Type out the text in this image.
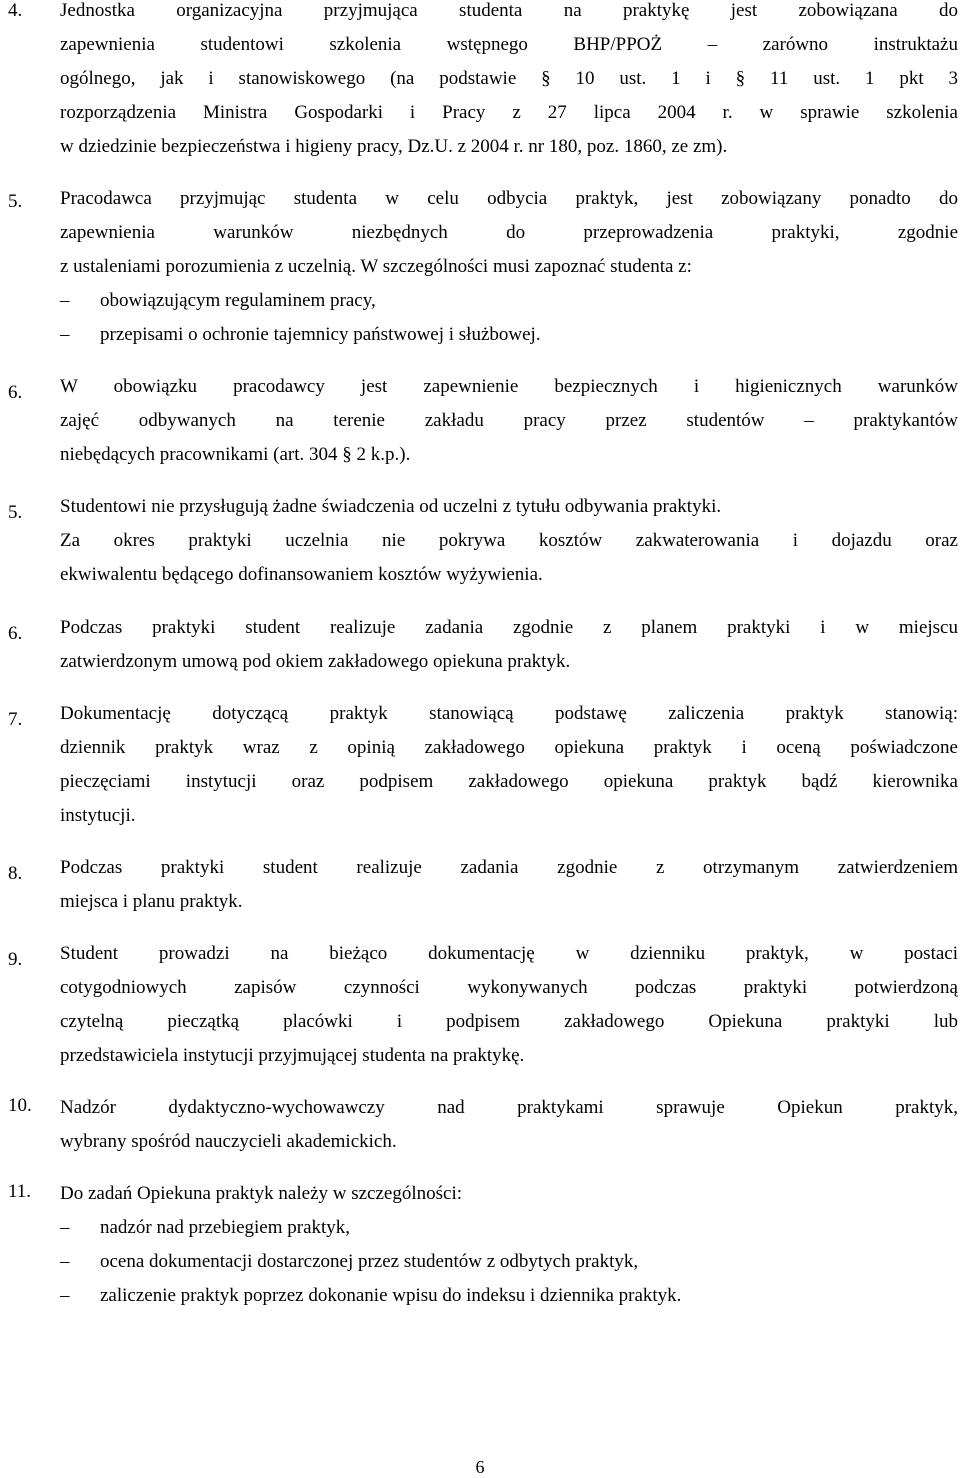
4. Jednostka organizacyjna przyjmująca studenta na praktykę jest zobowiązana do
zapewnienia studentowi szkolenia wstępnego BHP/PPOŻ – zarówno instruktażu
ogólnego, jak i stanowiskowego (na podstawie § 10 ust. 1 i § 11 ust. 1 pkt 3
rozporządzenia Ministra Gospodarki i Pracy z 27 lipca 2004 r. w sprawie szkolenia
w dziedzinie bezpieczeństwa i higieny pracy, Dz.U. z 2004 r. nr 180, poz. 1860, ze zm).
5. Pracodawca przyjmując studenta w celu odbycia praktyk, jest zobowiązany ponadto do
zapewnienia warunków niezbędnych do przeprowadzenia praktyki, zgodnie
z ustaleniami porozumienia z uczelnią. W szczególności musi zapoznać studenta z:
– obowiązującym regulaminem pracy,
– przepisami o ochronie tajemnicy państwowej i służbowej.
6. W obowiązku pracodawcy jest zapewnienie bezpiecznych i higienicznych warunków
zajęć odbywanych na terenie zakładu pracy przez studentów – praktykantów
niebędących pracownikami (art. 304 § 2 k.p.).
5. Studentowi nie przysługują żadne świadczenia od uczelni z tytułu odbywania praktyki.
Za okres praktyki uczelnia nie pokrywa kosztów zakwaterowania i dojazdu oraz
ekwiwalentu będącego dofinansowaniem kosztów wyżywienia.
6. Podczas praktyki student realizuje zadania zgodnie z planem praktyki i w miejscu
zatwierdzonym umową pod okiem zakładowego opiekuna praktyk.
7. Dokumentację dotyczącą praktyk stanowiącą podstawę zaliczenia praktyk stanowią:
dziennik praktyk wraz z opinią zakładowego opiekuna praktyk i oceną poświadczone
pieczęciami instytucji oraz podpisem zakładowego opiekuna praktyk bądź kierownika
instytucji.
8. Podczas praktyki student realizuje zadania zgodnie z otrzymanym zatwierdzeniem
miejsca i planu praktyk.
9. Student prowadzi na bieżąco dokumentację w dzienniku praktyk, w postaci
cotygodniowych zapisów czynności wykonywanych podczas praktyki potwierdzoną
czytelną pieczątką placówki i podpisem zakładowego Opiekuna praktyki lub
przedstawiciela instytucji przyjmującej studenta na praktykę.
10. Nadzór dydaktyczno-wychowawczy nad praktykami sprawuje Opiekun praktyk,
wybrany spośród nauczycieli akademickich.
11. Do zadań Opiekuna praktyk należy w szczególności:
– nadzór nad przebiegiem praktyk,
– ocena dokumentacji dostarczonej przez studentów z odbytych praktyk,
– zaliczenie praktyk poprzez dokonanie wpisu do indeksu i dziennika praktyk.
6
